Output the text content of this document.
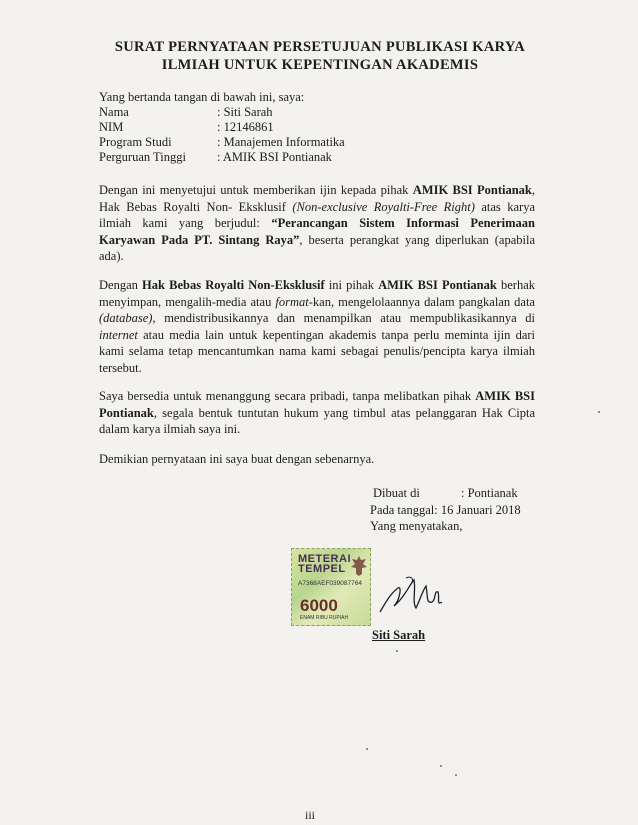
SURAT PERNYATAAN PERSETUJUAN PUBLIKASI KARYA
ILMIAH UNTUK KEPENTINGAN AKADEMIS
Yang bertanda tangan di bawah ini, saya:
Nama	: Siti Sarah
NIM	: 12146861
Program Studi	: Manajemen Informatika
Perguruan Tinggi	: AMIK BSI Pontianak
Dengan ini menyetujui untuk memberikan ijin kepada pihak AMIK BSI Pontianak, Hak Bebas Royalti Non- Eksklusif (Non-exclusive Royalti-Free Right) atas karya ilmiah kami yang berjudul: “Perancangan Sistem Informasi Penerimaan Karyawan Pada PT. Sintang Raya”, beserta perangkat yang diperlukan (apabila ada).
Dengan Hak Bebas Royalti Non-Eksklusif ini pihak AMIK BSI Pontianak berhak menyimpan, mengalih-media atau format-kan, mengelolaannya dalam pangkalan data (database), mendistribusikannya dan menampilkan atau mempublikasikannya di internet atau media lain untuk kepentingan akademis tanpa perlu meminta ijin dari kami selama tetap mencantumkan nama kami sebagai penulis/pencipta karya ilmiah tersebut.
Saya bersedia untuk menanggung secara pribadi, tanpa melibatkan pihak AMIK BSI Pontianak, segala bentuk tuntutan hukum yang timbul atas pelanggaran Hak Cipta dalam karya ilmiah saya ini.
Demikian pernyataan ini saya buat dengan sebenarnya.
Dibuat di	: Pontianak
Pada tanggal: 16 Januari 2018
Yang menyatakan,
METERAI
TEMPEL
A7368AEF039087764
6000
ENAM RIBU RUPIAH
Siti Sarah
iii
